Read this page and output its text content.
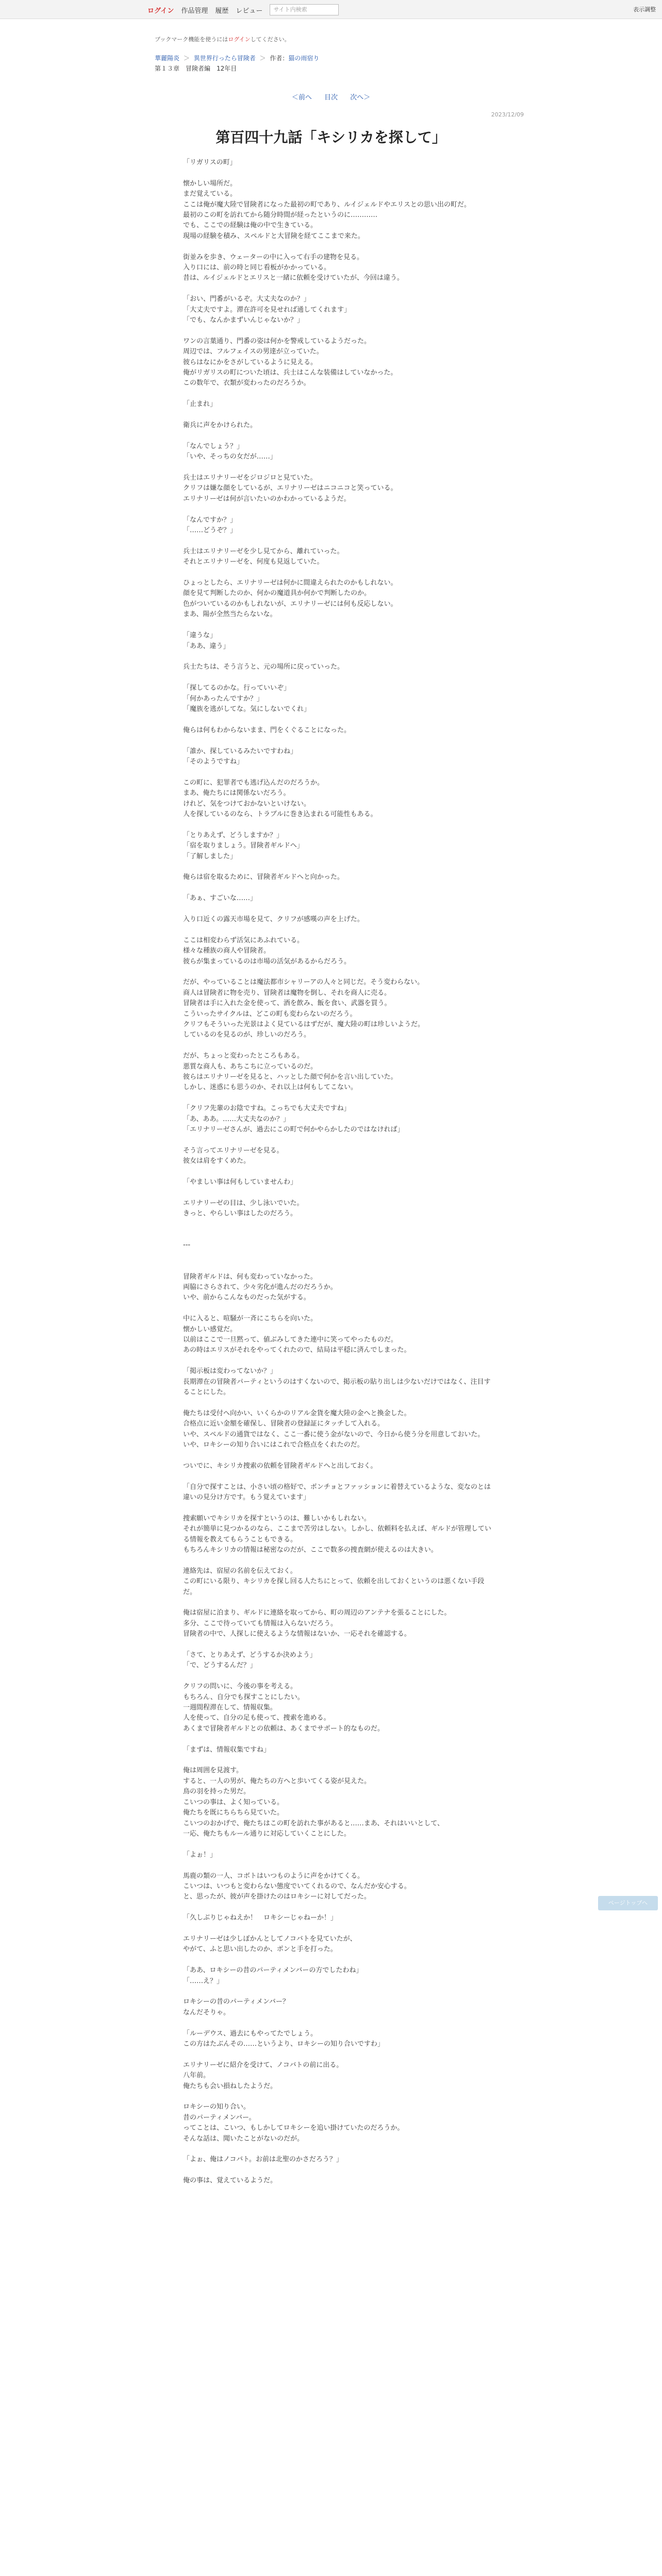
ログイン 作品管理 履歴 レビュー	サイト内検索	表示調整
ブックマーク機能を使うにはログインしてください。
華麗陽炎 ＞ 異世界行ったら冒険者 ＞ 作者：猫の雨宿り
第１３章　冒険者編　12年目
＜前へ 目次 次へ＞
2023/12/09
第百四十九話「キシリカを探して」

「リガリスの町」

懐かしい場所だ。

まだ覚えている。

ここは俺が魔大陸で冒険者になった最初の町であり、ルイジェルドやエリスとの思い出の町だ。

最初のこの町を訪れてから随分時間が経ったというのに…………

でも、ここでの経験は俺の中で生きている。

現場の経験を積み、スペルドと大冒険を経てここまで来た。

街並みを歩き、ウェーターの中に入って右手の建物を見る。

入り口には、前の時と同じ看板がかかっている。

昔は、ルイジェルドとエリスと一緒に依頼を受けていたが、今回は違う。

「おい、門番がいるぞ。大丈夫なのか？」

「大丈夫ですよ。滞在許可を見せれば通してくれます」

「でも、なんかまずいんじゃないか？」

ワンの言葉通り、門番の姿は何かを警戒しているようだった。

周辺では、フルフェイスの男達が立っていた。

彼らはなにかをさがしているように見える。

俺がリガリスの町についた頃は、兵士はこんな装備はしていなかった。

この数年で、衣類が変わったのだろうか。

「止まれ」

衛兵に声をかけられた。

「なんでしょう？」

「いや、そっちの女だが……」

兵士はエリナリーゼをジロジロと見ていた。

クリフは嫌な顔をしているが、エリナリーゼはニコニコと笑っている。

エリナリーゼは何が言いたいのかわかっているようだ。

「なんですか？」

「……どうぞ？」

兵士はエリナリーゼを少し見てから、離れていった。

それとエリナリーゼを、何度も見返していた。

ひょっとしたら、エリナリーゼは何かに間違えられたのかもしれない。

顔を見て判断したのか、何かの魔道具か何かで判断したのか。

色がついているのかもしれないが、エリナリーゼには何も反応しない。

まあ、陽が全然当たらないな。

「違うな」

「ああ、違う」

兵士たちは、そう言うと、元の場所に戻っていった。

「探してるのかな。行っていいぞ」

「何かあったんですか？」

「魔族を逃がしてな。気にしないでくれ」

俺らは何もわからないまま、門をくぐることになった。

「誰か、探しているみたいですわね」

「そのようですね」

この町に、犯罪者でも逃げ込んだのだろうか。

まあ、俺たちには関係ないだろう。

けれど、気をつけておかないといけない。

人を探しているのなら、トラブルに巻き込まれる可能性もある。

「とりあえず、どうしますか？」

「宿を取りましょう。冒険者ギルドへ」

「了解しました」

俺らは宿を取るために、冒険者ギルドへと向かった。

「あぁ、すごいな……」

入り口近くの露天市場を見て、クリフが感嘆の声を上げた。

ここは相変わらず活気にあふれている。

様々な種族の商人や冒険者。

彼らが集まっているのは市場の活気があるからだろう。

だが、やっていることは魔法都市シャリーアの人々と同じだ。そう変わらない。

商人は冒険者に物を売り、冒険者は魔物を倒し、それを商人に売る。

冒険者は手に入れた金を使って、酒を飲み、飯を食い、武器を買う。

こういったサイクルは、どこの町も変わらないのだろう。

クリフもそういった光景はよく見ているはずだが、魔大陸の町は珍しいようだ。

しているのを見るのが、珍しいのだろう。

だが、ちょっと変わったところもある。

悪質な商人も、あちこちに立っているのだ。

彼らはエリナリーゼを見ると、ハッとした顔で何かを言い出していた。

しかし、迷惑にも思うのか、それ以上は何もしてこない。

「クリフ先輩のお陰ですね。こっちでも大丈夫ですね」

「あ、ああ。……大丈夫なのか？」

「エリナリーゼさんが、過去にこの町で何かやらかしたのではなければ」

そう言ってエリナリーゼを見る。

彼女は肩をすくめた。

「やましい事は何もしていませんわ」

エリナリーゼの目は、少し泳いでいた。

きっと、やらしい事はしたのだろう。

---

冒険者ギルドは、何も変わっていなかった。

両脇にさらされて、少々劣化が進んだのだろうか。

いや、前からこんなものだった気がする。

中に入ると、喧騒が一斉にこちらを向いた。

懐かしい感覚だ。

以前はここで一旦黙って、値ぶみしてきた連中に笑ってやったものだ。

あの時はエリスがそれをやってくれたので、結局は平穏に済んでしまった。

「掲示板は変わってないか？」

長期滞在の冒険者パーティというのはすくないので、掲示板の貼り出しは少ないだけではなく、注目することにした。

俺たちは受付へ向かい、いくらかのリアル金貨を魔大陸の金へと換金した。

合格点に近い金額を確保し、冒険者の登録証にタッチして入れる。

いや、スペルドの通貨ではなく、ここ一番に使う金がないので、今日から使う分を用意しておいた。

いや、ロキシーの知り合いにはこれで合格点をくれたのだ。

ついでに、キシリカ捜索の依頼を冒険者ギルドへと出しておく。

「自分で探すことは、小さい頃の格好で、ポンチョとファッションに着替えているような、変なのとは違いの見分け方です。もう覚えています」

捜索願いでキシリカを探すというのは、難しいかもしれない。

それが簡単に見つかるのなら、ここまで苦労はしない。しかし、依頼料を払えば、ギルドが管理している情報を教えてもらうこともできる。

もちろんキシリカの情報は秘密なのだが、ここで数多の捜査網が使えるのは大きい。

連絡先は、宿屋の名前を伝えておく。

この町にいる限り、キシリカを探し回る人たちにとって、依頼を出しておくというのは悪くない手段だ。

俺は宿屋に泊まり、ギルドに連絡を取ってから、町の周辺のアンテナを張ることにした。

多分、ここで待っていても情報は入らないだろう。

冒険者の中で、人探しに使えるような情報はないか、一応それを確認する。

「さて、とりあえず、どうするか決めよう」

「で、どうするんだ？」

クリフの問いに、今後の事を考える。

もちろん、自分でも探すことにしたい。

一週間程滞在して、情報収集。

人を使って、自分の足も使って、捜索を進める。

あくまで冒険者ギルドとの依頼は、あくまでサポート的なものだ。

「まずは、情報収集ですね」

俺は周囲を見渡す。

すると、一人の男が、俺たちの方へと歩いてくる姿が見えた。

鳥の羽を持った男だ。

こいつの事は、よく知っている。

俺たちを既にちらちら見ていた。

こいつのおかげで、俺たちはこの町を訪れた事があると……まあ、それはいいとして、

一応、俺たちもルール通りに対応していくことにした。

「よぉ！」

馬鹿の類の一人、コボトはいつものように声をかけてくる。

こいつは、いつもと変わらない態度でいてくれるので、なんだか安心する。

と、思ったが、彼が声を掛けたのはロキシーに対してだった。

「久しぶりじゃねえか！　ロキシーじゃねーか！」

エリナリーゼは少しぽかんとしてノコバトを見ていたが、

やがて、ふと思い出したのか、ポンと手を打った。

「ああ、ロキシーの昔のパーティメンバーの方でしたわね」

「……え？」

ロキシーの昔のパーティメンバー？

なんだそりゃ。

「ルーデウス、過去にもやってたでしょう。

この方はたぶんその……というより、ロキシーの知り合いですわ」

エリナリーゼに紹介を受けて、ノコバトの前に出る。

八年前。

俺たちも会い損ねしたようだ。

ロキシーの知り合い。

昔のパーティメンバー。

ってことは、こいつ、もしかしてロキシーを追い掛けていたのだろうか。

そんな話は、聞いたことがないのだが。

「よぉ、俺はノコバト。お前は北聖のかさだろう？」

俺の事は、覚えているようだ。

ページトップへ
